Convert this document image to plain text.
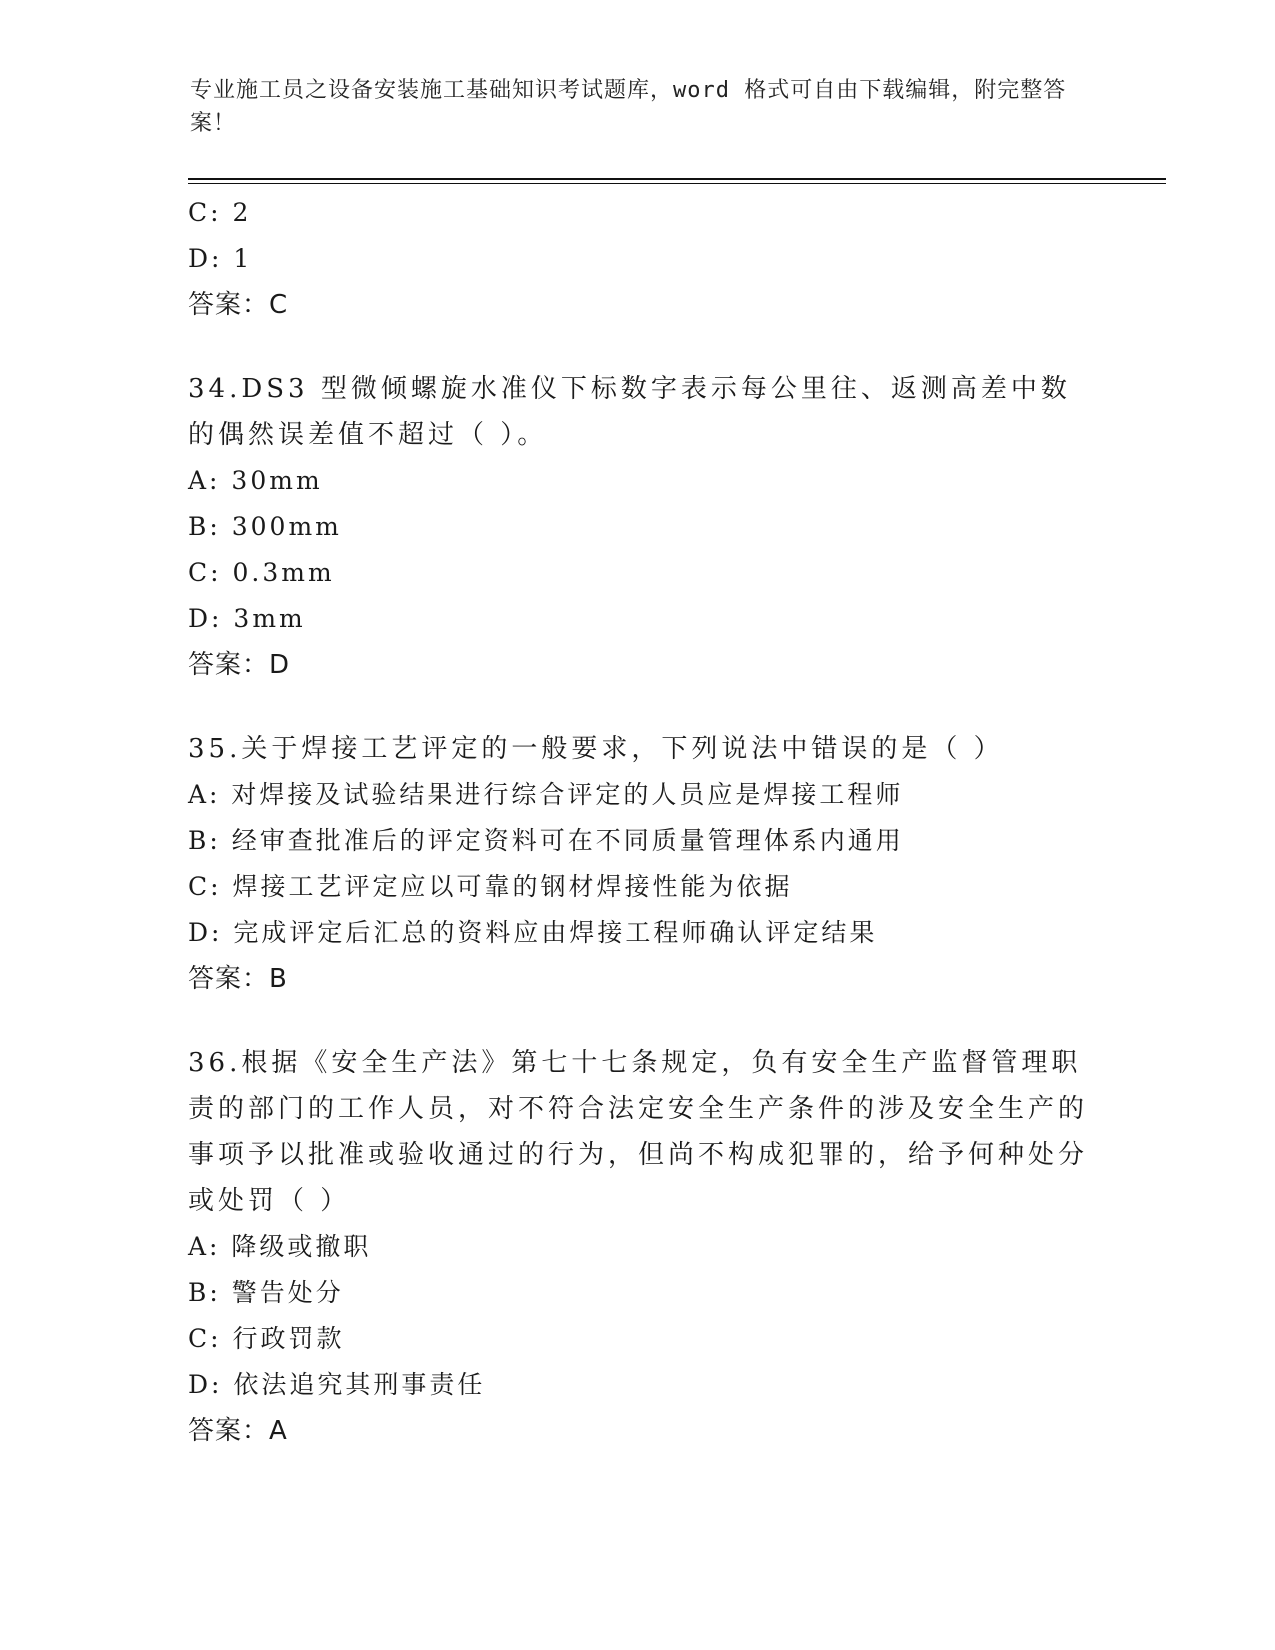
专业施工员之设备安装施工基础知识考试题库，word 格式可自由下载编辑，附完整答案！
C: 2
D: 1
答案：C
34.DS3 型微倾螺旋水准仪下标数字表示每公里往、返测高差中数的偶然误差值不超过（ ）。
A: 30mm
B: 300mm
C: 0.3mm
D: 3mm
答案：D
35.关于焊接工艺评定的一般要求，下列说法中错误的是（ ）
A: 对焊接及试验结果进行综合评定的人员应是焊接工程师
B: 经审查批准后的评定资料可在不同质量管理体系内通用
C: 焊接工艺评定应以可靠的钢材焊接性能为依据
D: 完成评定后汇总的资料应由焊接工程师确认评定结果
答案：B
36.根据《安全生产法》第七十七条规定，负有安全生产监督管理职责的部门的工作人员，对不符合法定安全生产条件的涉及安全生产的事项予以批准或验收通过的行为，但尚不构成犯罪的，给予何种处分或处罚（ ）
A: 降级或撤职
B: 警告处分
C: 行政罚款
D: 依法追究其刑事责任
答案：A
